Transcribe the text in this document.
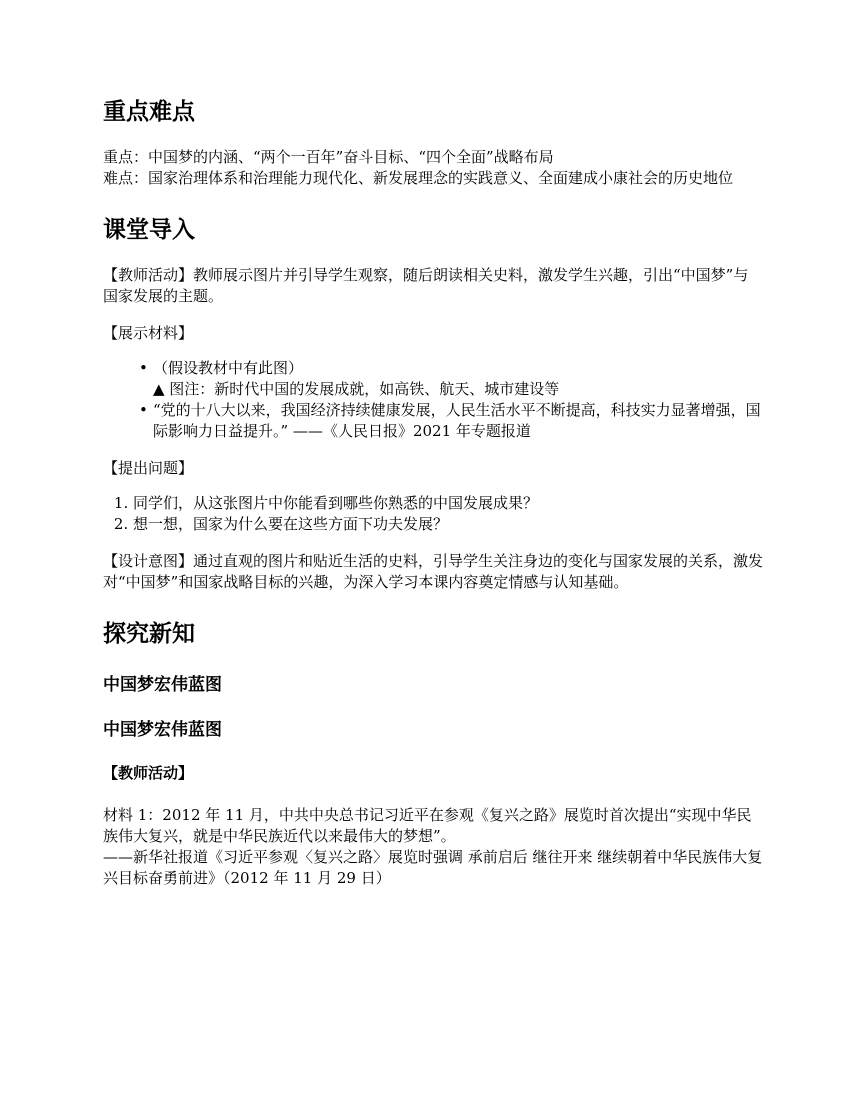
重点难点

重点：中国梦的内涵、“两个一百年”奋斗目标、“四个全面”战略布局

难点：国家治理体系和治理能力现代化、新发展理念的实践意义、全面建成小康社会的历史地位

课堂导入

【教师活动】教师展示图片并引导学生观察，随后朗读相关史料，激发学生兴趣，引出“中国梦”与国家发展的主题。

【展示材料】

• （假设教材中有此图）
▲ 图注：新时代中国的发展成就，如高铁、航天、城市建设等
• “党的十八大以来，我国经济持续健康发展，人民生活水平不断提高，科技实力显著增强，国际影响力日益提升。” ——《人民日报》2021 年专题报道

【提出问题】

1. 同学们，从这张图片中你能看到哪些你熟悉的中国发展成果？
2. 想一想，国家为什么要在这些方面下功夫发展？

【设计意图】通过直观的图片和贴近生活的史料，引导学生关注身边的变化与国家发展的关系，激发对“中国梦”和国家战略目标的兴趣，为深入学习本课内容奠定情感与认知基础。

探究新知
中国梦宏伟蓝图
中国梦宏伟蓝图

【教师活动】

材料 1：2012 年 11 月，中共中央总书记习近平在参观《复兴之路》展览时首次提出“实现中华民族伟大复兴，就是中华民族近代以来最伟大的梦想”。

——新华社报道《习近平参观〈复兴之路〉展览时强调 承前启后 继往开来 继续朝着中华民族伟大复兴目标奋勇前进》（2012 年 11 月 29 日）
